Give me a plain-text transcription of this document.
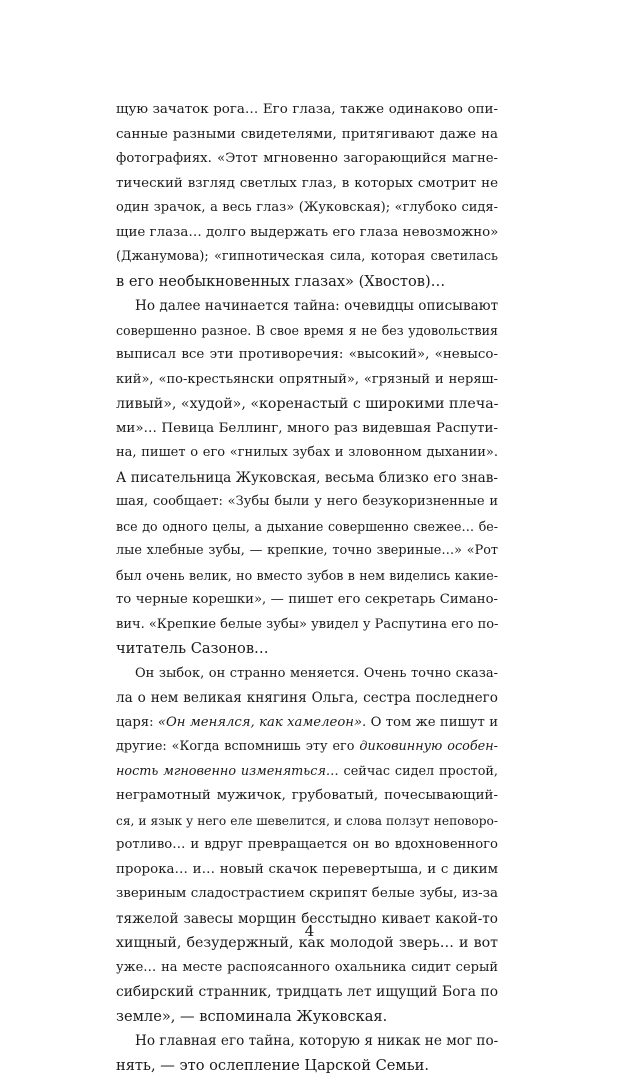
щую зачаток рога… Его глаза, также одинаково опи-
санные разными свидетелями, притягивают даже на
фотографиях. «Этот мгновенно загорающийся магне-
тический взгляд светлых глаз, в которых смотрит не
один зрачок, а весь глаз» (Жуковская); «глубоко сидя-
щие глаза… долго выдержать его глаза невозможно»
(Джанумова); «гипнотическая сила, которая светилась
в его необыкновенных глазах» (Хвостов)…
Но далее начинается тайна: очевидцы описывают
совершенно разное. В свое время я не без удовольствия
выписал все эти противоречия: «высокий», «невысо-
кий», «по-крестьянски опрятный», «грязный и неряш-
ливый», «худой», «коренастый с широкими плеча-
ми»… Певица Беллинг, много раз видевшая Распути-
на, пишет о его «гнилых зубах и зловонном дыхании».
А писательница Жуковская, весьма близко его знав-
шая, сообщает: «Зубы были у него безукоризненные и
все до одного целы, а дыхание совершенно свежее… бе-
лые хлебные зубы, — крепкие, точно звериные…» «Рот
был очень велик, но вместо зубов в нем виделись какие-
то черные корешки», — пишет его секретарь Симано-
вич. «Крепкие белые зубы» увидел у Распутина его по-
читатель Сазонов…
Он зыбок, он странно меняется. Очень точно сказа-
ла о нем великая княгиня Ольга, сестра последнего
царя: «Он менялся, как хамелеон». О том же пишут и
другие: «Когда вспомнишь эту его диковинную особен-
ность мгновенно изменяться… сейчас сидел простой,
неграмотный мужичок, грубоватый, почесывающий-
ся, и язык у него еле шевелится, и слова ползут неповоро-
ротливо… и вдруг превращается он во вдохновенного
пророка… и… новый скачок перевертыша, и с диким
звериным сладострастием скрипят белые зубы, из-за
тяжелой завесы морщин бесстыдно кивает какой-то
хищный, безудержный, как молодой зверь… и вот
уже… на месте распоясанного охальника сидит серый
сибирский странник, тридцать лет ищущий Бога по
земле», — вспоминала Жуковская.
Но главная его тайна, которую я никак не мог по-
нять, — это ослепление Царской Семьи.
4
